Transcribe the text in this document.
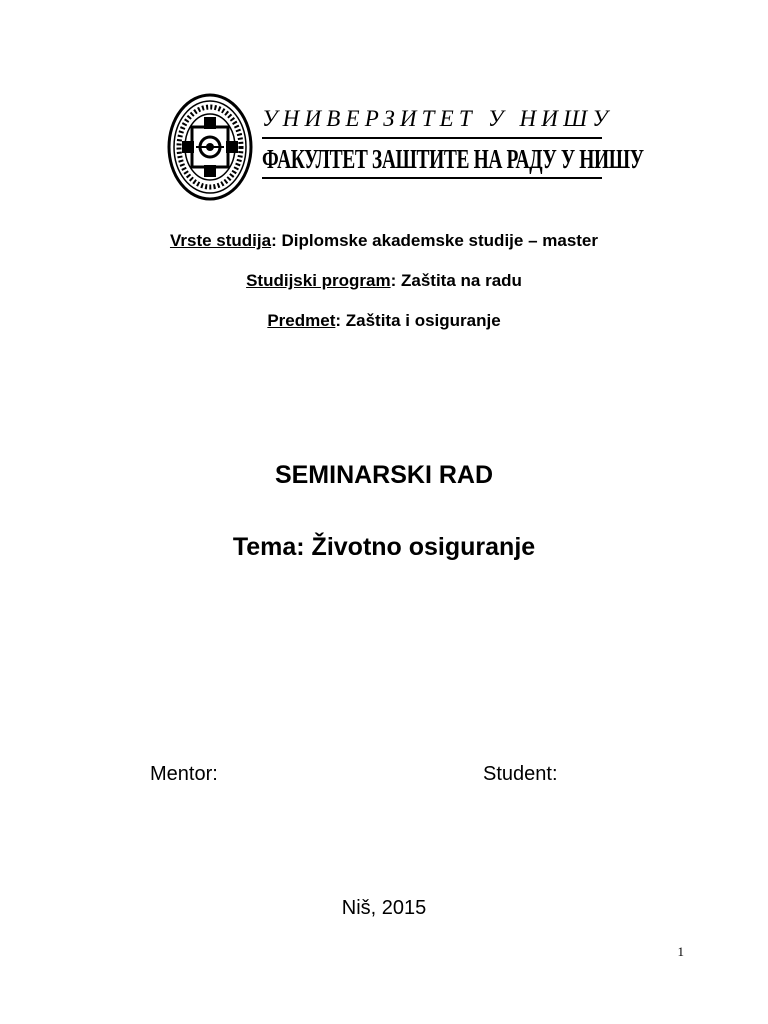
УНИВЕРЗИТЕТ У НИШУ
ФАКУЛТЕТ ЗАШТИТЕ НА РАДУ У НИШУ
Vrste studija: Diplomske akademske studije – master
Studijski program: Zaštita na radu
Predmet: Zaštita i osiguranje
SEMINARSKI RAD
Tema: Životno osiguranje
Mentor:	Student:
Niš, 2015
1
